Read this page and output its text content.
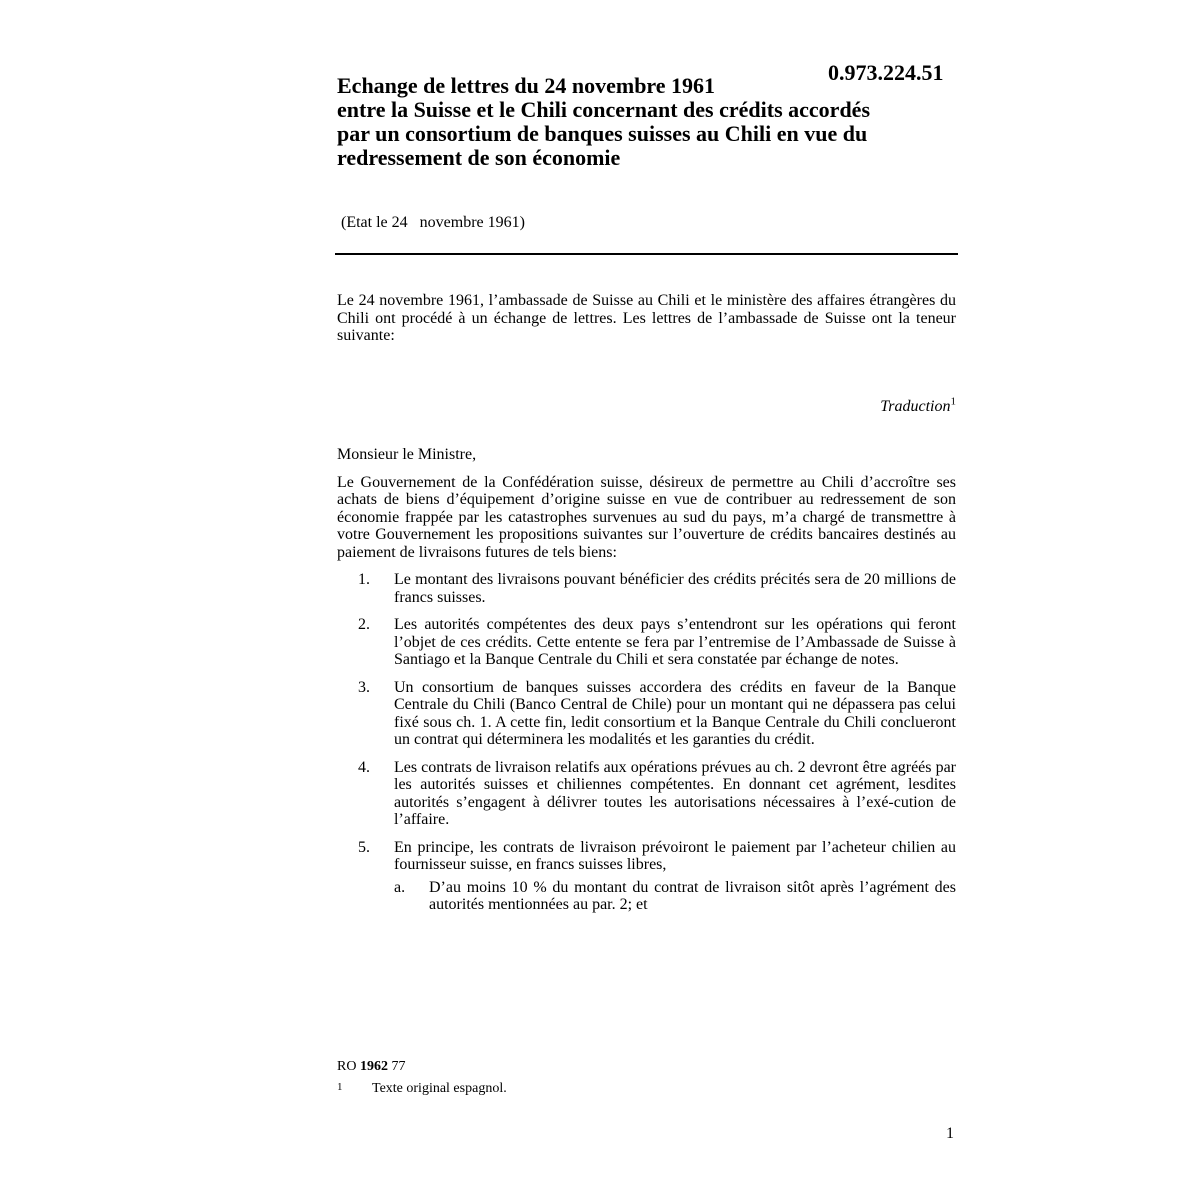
0.973.224.51
Echange de lettres du 24 novembre 1961
entre la Suisse et le Chili concernant des crédits accordés
par un consortium de banques suisses au Chili en vue du
redressement de son économie
(Etat le 24   novembre 1961)

Le 24 novembre 1961, l’ambassade de Suisse au Chili et le ministère des affaires étrangères du Chili ont procédé à un échange de lettres. Les lettres de l’ambassade de Suisse ont la teneur suivante:

Traduction$^1$

Monsieur le Ministre,

Le Gouvernement de la Confédération suisse, désireux de permettre au Chili d’accroître ses achats de biens d’équipement d’origine suisse en vue de contribuer au redressement de son économie frappée par les catastrophes survenues au sud du pays, m’a chargé de transmettre à votre Gouvernement les propositions suivantes sur l’ouverture de crédits bancaires destinés au paiement de livraisons futures de tels biens:

1. Le montant des livraisons pouvant bénéficier des crédits précités sera de 20 millions de francs suisses.
2. Les autorités compétentes des deux pays s’entendront sur les opérations qui feront l’objet de ces crédits. Cette entente se fera par l’entremise de l’Ambassade de Suisse à Santiago et la Banque Centrale du Chili et sera constatée par échange de notes.
3. Un consortium de banques suisses accordera des crédits en faveur de la Banque Centrale du Chili (Banco Central de Chile) pour un montant qui ne dépassera pas celui fixé sous ch. 1. A cette fin, ledit consortium et la Banque Centrale du Chili conclueront un contrat qui déterminera les modalités et les garanties du crédit.
4. Les contrats de livraison relatifs aux opérations prévues au ch. 2 devront être agréés par les autorités suisses et chiliennes compétentes. En donnant cet agrément, lesdites autorités s’engagent à délivrer toutes les autorisations nécessaires à l’exé-cution de l’affaire.
5. En principe, les contrats de livraison prévoiront le paiement par l’acheteur chilien au fournisseur suisse, en francs suisses libres,
a. D’au moins 10 % du montant du contrat de livraison sitôt après l’agrément des autorités mentionnées au par. 2; et
RO 1962 77
1 Texte original espagnol.
1
